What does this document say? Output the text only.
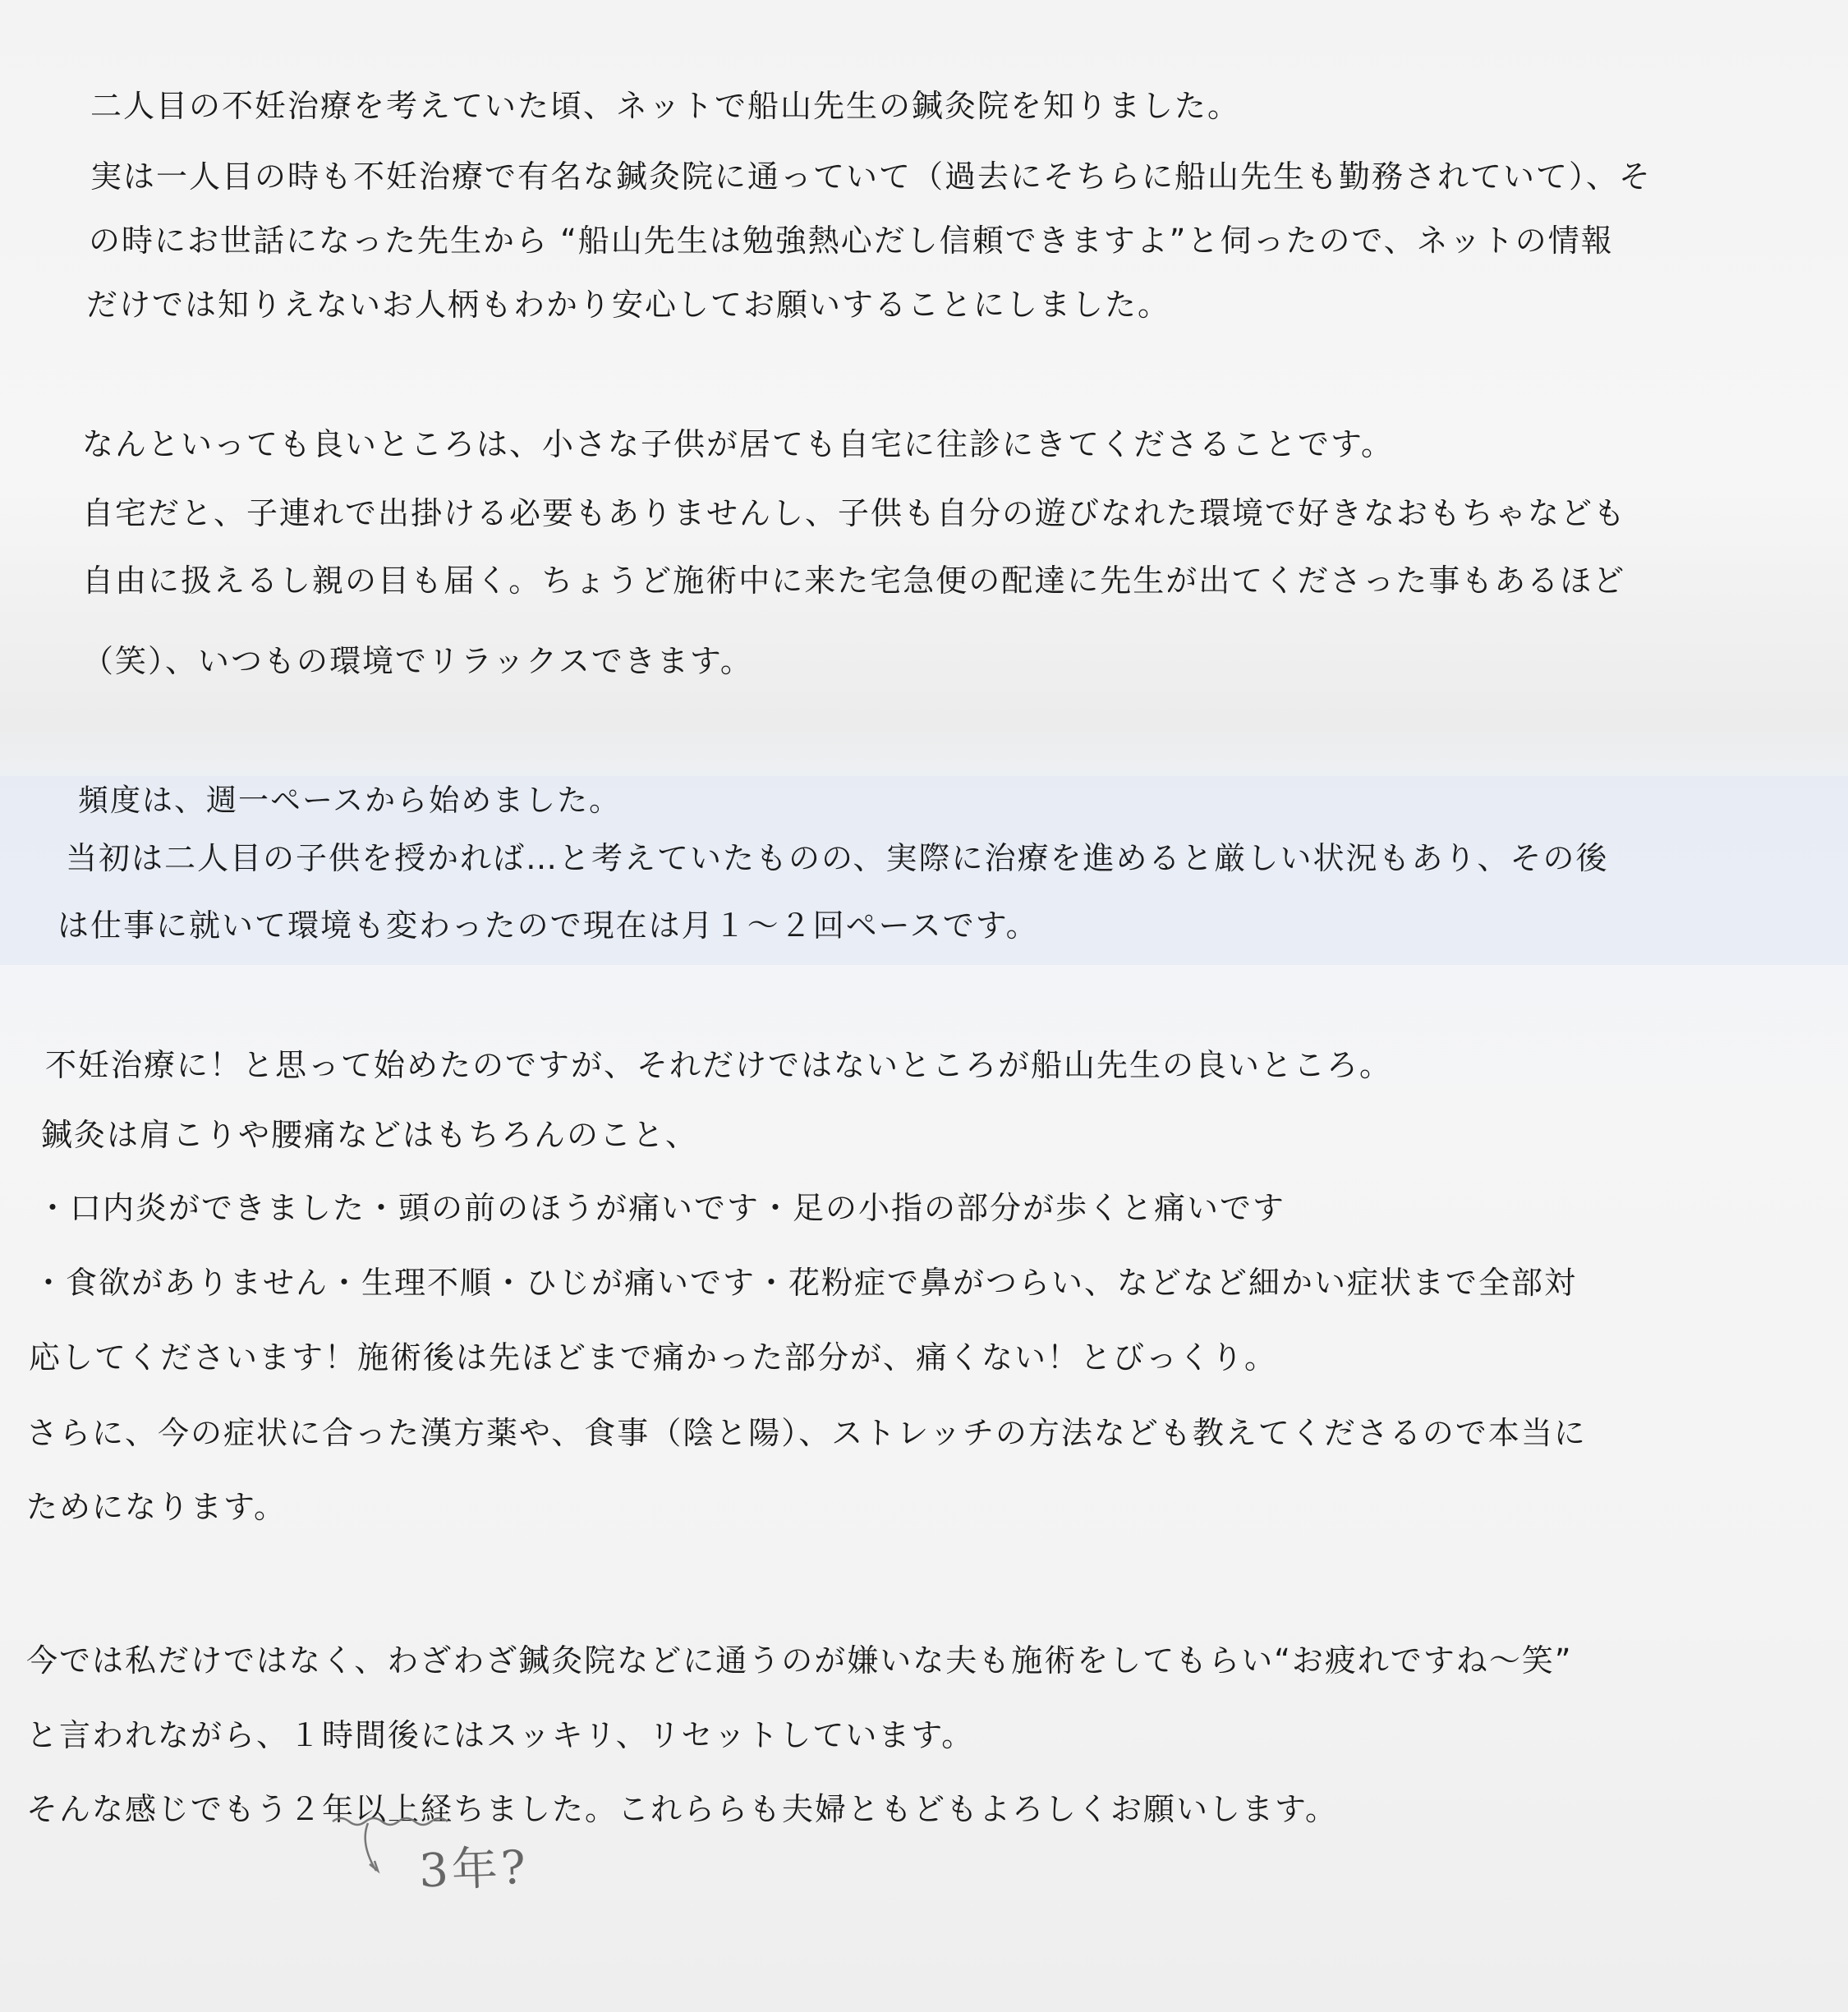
二人目の不妊治療を考えていた頃、ネットで船山先生の鍼灸院を知りました。
実は一人目の時も不妊治療で有名な鍼灸院に通っていて（過去にそちらに船山先生も勤務されていて）、そ
の時にお世話になった先生から “船山先生は勉強熱心だし信頼できますよ”と伺ったので、ネットの情報
だけでは知りえないお人柄もわかり安心してお願いすることにしました。
なんといっても良いところは、小さな子供が居ても自宅に往診にきてくださることです。
自宅だと、子連れで出掛ける必要もありませんし、子供も自分の遊びなれた環境で好きなおもちゃなども
自由に扱えるし親の目も届く。ちょうど施術中に来た宅急便の配達に先生が出てくださった事もあるほど
（笑）、いつもの環境でリラックスできます。
頻度は、週一ペースから始めました。
当初は二人目の子供を授かれば…と考えていたものの、実際に治療を進めると厳しい状況もあり、その後
は仕事に就いて環境も変わったので現在は月１～２回ペースです。
不妊治療に！と思って始めたのですが、それだけではないところが船山先生の良いところ。
鍼灸は肩こりや腰痛などはもちろんのこと、
・口内炎ができました・頭の前のほうが痛いです・足の小指の部分が歩くと痛いです
・食欲がありません・生理不順・ひじが痛いです・花粉症で鼻がつらい、などなど細かい症状まで全部対
応してくださいます！施術後は先ほどまで痛かった部分が、痛くない！とびっくり。
さらに、今の症状に合った漢方薬や、食事（陰と陽）、ストレッチの方法なども教えてくださるので本当に
ためになります。
今では私だけではなく、わざわざ鍼灸院などに通うのが嫌いな夫も施術をしてもらい“お疲れですね～笑”
と言われながら、１時間後にはスッキリ、リセットしています。
そんな感じでもう２年以上経ちました。これららも夫婦ともどもよろしくお願いします。
3年?
